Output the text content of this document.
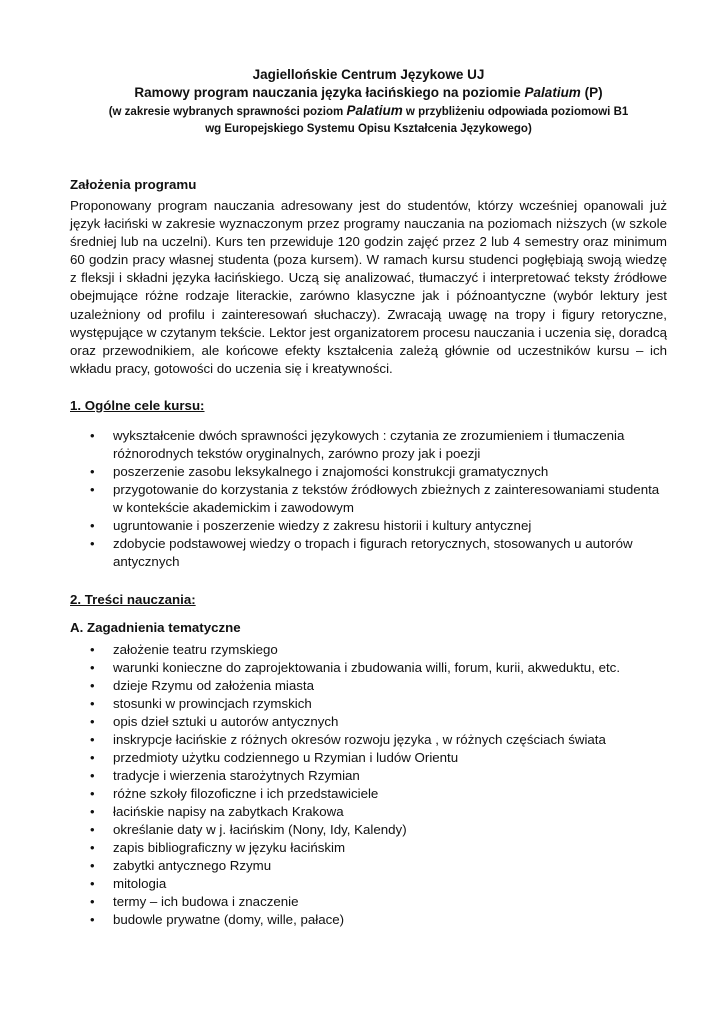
Jagiellońskie Centrum Językowe UJ
Ramowy program nauczania języka łacińskiego na poziomie Palatium (P)
(w zakresie wybranych sprawności poziom Palatium w przybliżeniu odpowiada poziomowi B1
wg Europejskiego Systemu Opisu Kształcenia Językowego)
Założenia programu
Proponowany program nauczania adresowany jest do studentów, którzy wcześniej opanowali już język łaciński w zakresie wyznaczonym przez programy nauczania na poziomach niższych (w szkole średniej lub na uczelni). Kurs ten przewiduje 120 godzin zajęć przez 2 lub 4 semestry oraz minimum 60 godzin pracy własnej studenta (poza kursem). W ramach kursu studenci pogłębiają swoją wiedzę z fleksji i składni języka łacińskiego. Uczą się analizować, tłumaczyć i interpretować teksty źródłowe obejmujące różne rodzaje literackie, zarówno klasyczne jak i późnoantyczne (wybór lektury jest uzależniony od profilu i zainteresowań słuchaczy). Zwracają uwagę na tropy i figury retoryczne, występujące w czytanym tekście. Lektor jest organizatorem procesu nauczania i uczenia się, doradcą oraz przewodnikiem, ale końcowe efekty kształcenia zależą głównie od uczestników kursu – ich wkładu pracy, gotowości do uczenia się i kreatywności.
1. Ogólne cele kursu:
• wykształcenie dwóch sprawności językowych : czytania ze zrozumieniem i tłumaczenia różnorodnych tekstów oryginalnych, zarówno prozy jak i poezji
• poszerzenie zasobu leksykalnego i znajomości konstrukcji gramatycznych
• przygotowanie do korzystania z tekstów źródłowych zbieżnych z zainteresowaniami studenta w kontekście akademickim i zawodowym
• ugruntowanie i poszerzenie wiedzy z zakresu historii i kultury antycznej
• zdobycie podstawowej wiedzy o tropach i figurach retorycznych, stosowanych u autorów antycznych
2. Treści nauczania:
A. Zagadnienia tematyczne
• założenie teatru rzymskiego
• warunki konieczne do zaprojektowania i zbudowania willi, forum, kurii, akweduktu, etc.
• dzieje Rzymu od założenia miasta
• stosunki w prowincjach rzymskich
• opis dzieł sztuki u autorów antycznych
• inskrypcje łacińskie z różnych okresów rozwoju języka , w różnych częściach świata
• przedmioty użytku codziennego u Rzymian i ludów Orientu
• tradycje i wierzenia starożytnych Rzymian
• różne szkoły filozoficzne i ich przedstawiciele
• łacińskie napisy na zabytkach Krakowa
• określanie daty w j. łacińskim (Nony, Idy, Kalendy)
• zapis bibliograficzny w języku łacińskim
• zabytki antycznego Rzymu
• mitologia
• termy – ich budowa i znaczenie
• budowle prywatne (domy, wille, pałace)
